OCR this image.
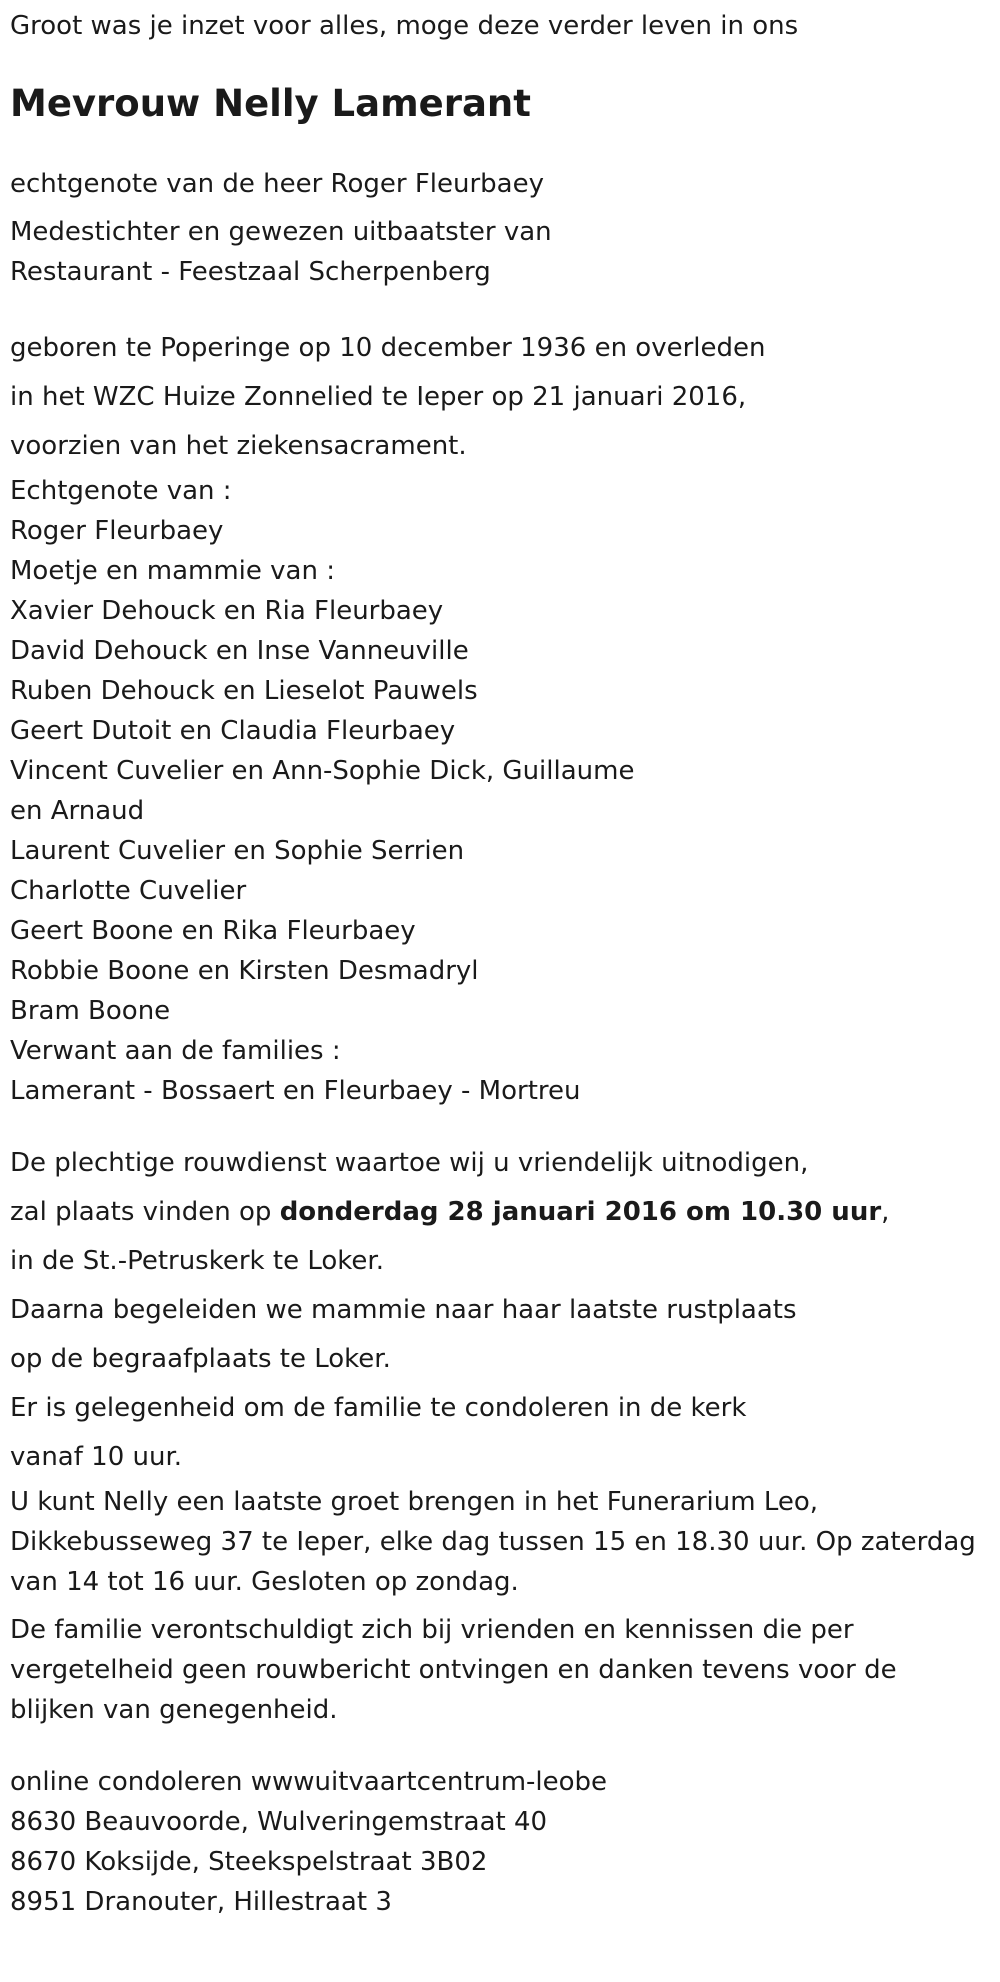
Groot was je inzet voor alles, moge deze verder leven in ons
Mevrouw Nelly Lamerant
echtgenote van de heer Roger Fleurbaey
Medestichter en gewezen uitbaatster van
Restaurant - Feestzaal Scherpenberg
geboren te Poperinge op 10 december 1936 en overleden
in het WZC Huize Zonnelied te Ieper op 21 januari 2016,
voorzien van het ziekensacrament.
Echtgenote van :
Roger Fleurbaey
Moetje en mammie van :
Xavier Dehouck en Ria Fleurbaey
David Dehouck en Inse Vanneuville
Ruben Dehouck en Lieselot Pauwels
Geert Dutoit en Claudia Fleurbaey
Vincent Cuvelier en Ann-Sophie Dick, Guillaume
en Arnaud
Laurent Cuvelier en Sophie Serrien
Charlotte Cuvelier
Geert Boone en Rika Fleurbaey
Robbie Boone en Kirsten Desmadryl
Bram Boone
Verwant aan de families :
Lamerant - Bossaert en Fleurbaey - Mortreu
De plechtige rouwdienst waartoe wij u vriendelijk uitnodigen,
zal plaats vinden op donderdag 28 januari 2016 om 10.30 uur,
in de St.-Petruskerk te Loker.
Daarna begeleiden we mammie naar haar laatste rustplaats
op de begraafplaats te Loker.
Er is gelegenheid om de familie te condoleren in de kerk
vanaf 10 uur.
U kunt Nelly een laatste groet brengen in het Funerarium Leo,
Dikkebusseweg 37 te Ieper, elke dag tussen 15 en 18.30 uur. Op zaterdag
van 14 tot 16 uur. Gesloten op zondag.
De familie verontschuldigt zich bij vrienden en kennissen die per
vergetelheid geen rouwbericht ontvingen en danken tevens voor de
blijken van genegenheid.
online condoleren wwwuitvaartcentrum-leobe
8630 Beauvoorde, Wulveringemstraat 40
8670 Koksijde, Steekspelstraat 3B02
8951 Dranouter, Hillestraat 3
